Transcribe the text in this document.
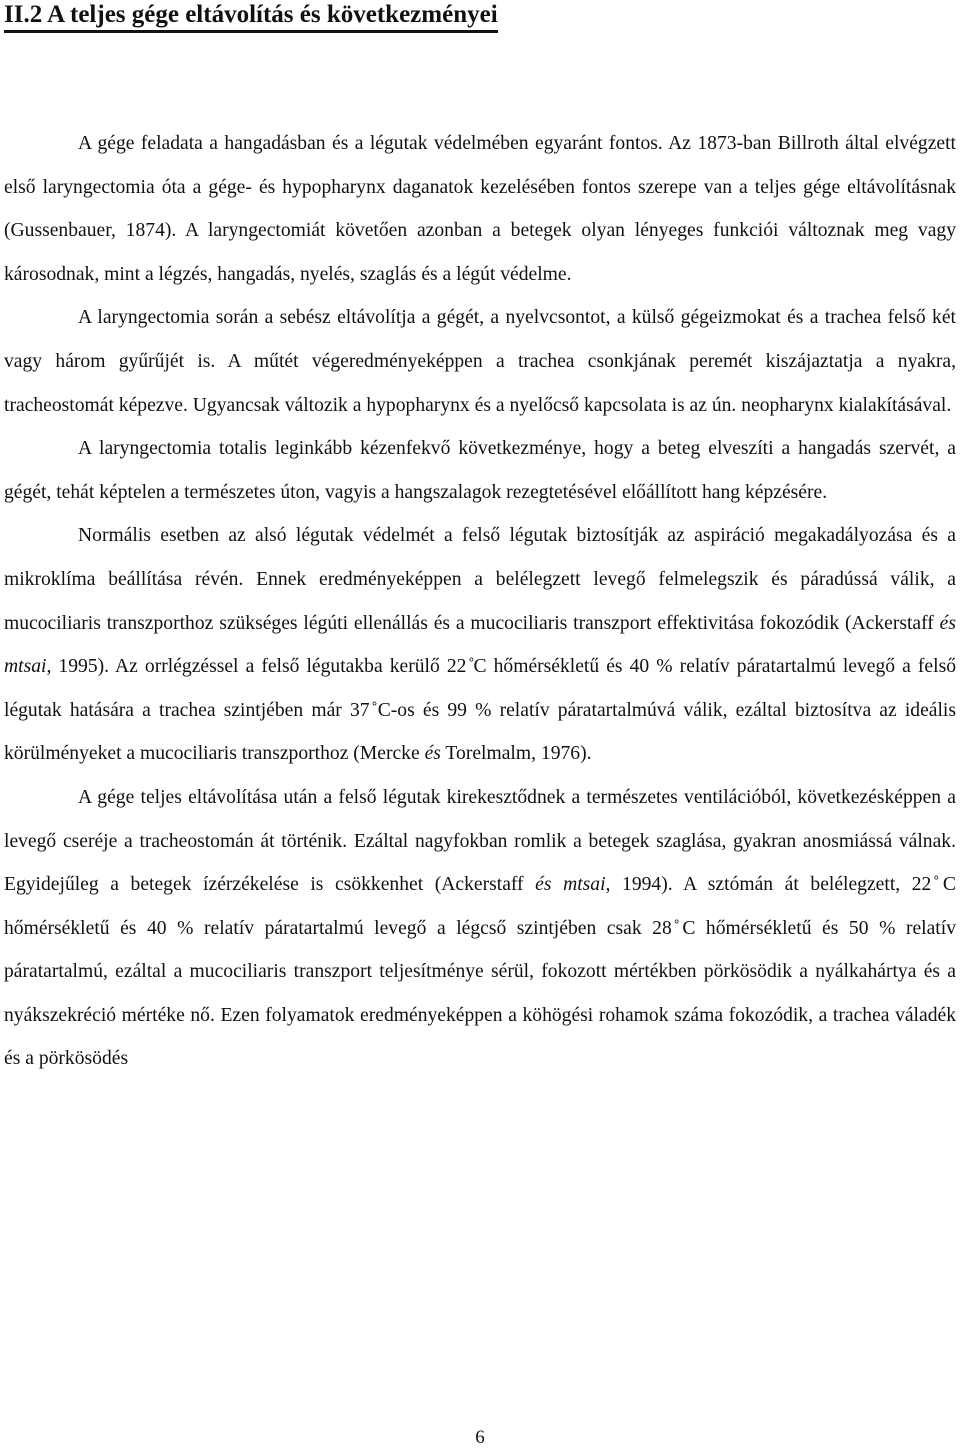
II.2 A teljes gége eltávolítás és következményei

A gége feladata a hangadásban és a légutak védelmében egyaránt fontos. Az 1873-ban Billroth által elvégzett első laryngectomia óta a gége- és hypopharynx daganatok kezelésében fontos szerepe van a teljes gége eltávolításnak (Gussenbauer, 1874). A laryngectomiát követően azonban a betegek olyan lényeges funkciói változnak meg vagy károsodnak, mint a légzés, hangadás, nyelés, szaglás és a légút védelme.

A laryngectomia során a sebész eltávolítja a gégét, a nyelvcsontot, a külső gégeizmokat és a trachea felső két vagy három gyűrűjét is. A műtét végeredményeképpen a trachea csonkjának peremét kiszájaztatja a nyakra, tracheostomát képezve. Ugyancsak változik a hypopharynx és a nyelőcső kapcsolata is az ún. neopharynx kialakításával.

A laryngectomia totalis leginkább kézenfekvő következménye, hogy a beteg elveszíti a hangadás szervét, a gégét, tehát képtelen a természetes úton, vagyis a hangszalagok rezegtetésével előállított hang képzésére.

Normális esetben az alsó légutak védelmét a felső légutak biztosítják az aspiráció megakadályozása és a mikroklíma beállítása révén. Ennek eredményeképpen a belélegzett levegő felmelegszik és páradússá válik, a mucociliaris transzporthoz szükséges légúti ellenállás és a mucociliaris transzport effektivitása fokozódik (Ackerstaff és mtsai, 1995). Az orrlégzéssel a felső légutakba kerülő 22 ̊C hőmérsékletű és 40 % relatív páratartalmú levegő a felső légutak hatására a trachea szintjében már 37 ̊C-os és 99 % relatív páratartalmúvá válik, ezáltal biztosítva az ideális körülményeket a mucociliaris transzporthoz (Mercke és Torelmalm, 1976).

A gége teljes eltávolítása után a felső légutak kirekesztődnek a természetes ventilációból, következésképpen a levegő cseréje a tracheostomán át történik. Ezáltal nagyfokban romlik a betegek szaglása, gyakran anosmiássá válnak. Egyidejűleg a betegek ízérzékelése is csökkenhet (Ackerstaff és mtsai, 1994). A sztómán át belélegzett, 22 ̊C hőmérsékletű és 40 % relatív páratartalmú levegő a légcső szintjében csak 28 ̊C hőmérsékletű és 50 % relatív páratartalmú, ezáltal a mucociliaris transzport teljesítménye sérül, fokozott mértékben pörkösödik a nyálkahártya és a nyákszekréció mértéke nő. Ezen folyamatok eredményeképpen a köhögési rohamok száma fokozódik, a trachea váladék és a pörkösödés

6
